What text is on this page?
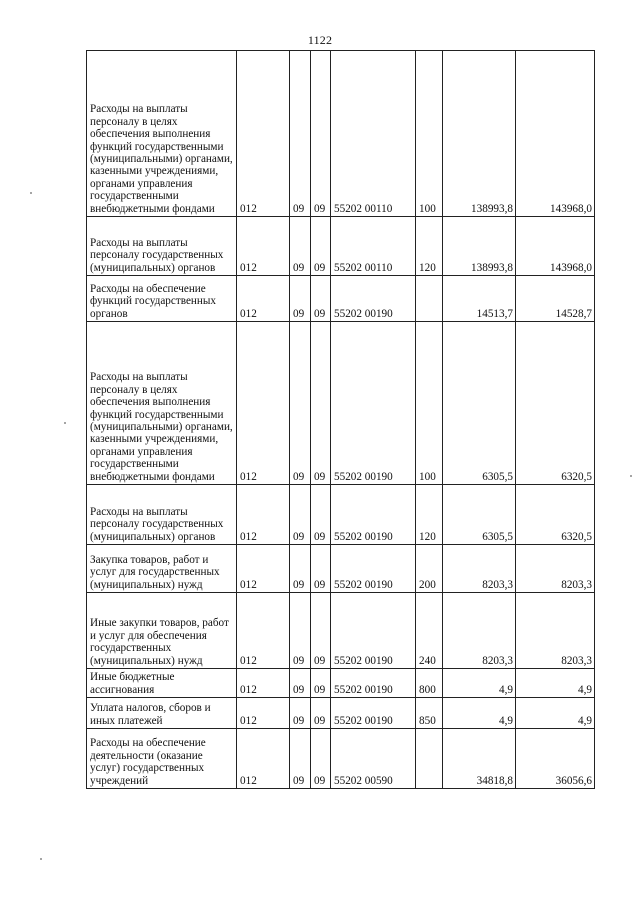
1122
Расходы на выплаты персоналу в целях обеспечения выполнения функций государственными (муниципальными) органами, казенными учреждениями, органами управления государственными внебюджетными фондами	012	09	09	55202 00110	100	138993,8	143968,0
Расходы на выплаты персоналу государственных (муниципальных) органов	012	09	09	55202 00110	120	138993,8	143968,0
Расходы на обеспечение функций государственных органов	012	09	09	55202 00190		14513,7	14528,7
Расходы на выплаты персоналу в целях обеспечения выполнения функций государственными (муниципальными) органами, казенными учреждениями, органами управления государственными внебюджетными фондами	012	09	09	55202 00190	100	6305,5	6320,5
Расходы на выплаты персоналу государственных (муниципальных) органов	012	09	09	55202 00190	120	6305,5	6320,5
Закупка товаров, работ и услуг для государственных (муниципальных) нужд	012	09	09	55202 00190	200	8203,3	8203,3
Иные закупки товаров, работ и услуг для обеспечения государственных (муниципальных) нужд	012	09	09	55202 00190	240	8203,3	8203,3
Иные бюджетные ассигнования	012	09	09	55202 00190	800	4,9	4,9
Уплата налогов, сборов и иных платежей	012	09	09	55202 00190	850	4,9	4,9
Расходы на обеспечение деятельности (оказание услуг) государственных учреждений	012	09	09	55202 00590		34818,8	36056,6
